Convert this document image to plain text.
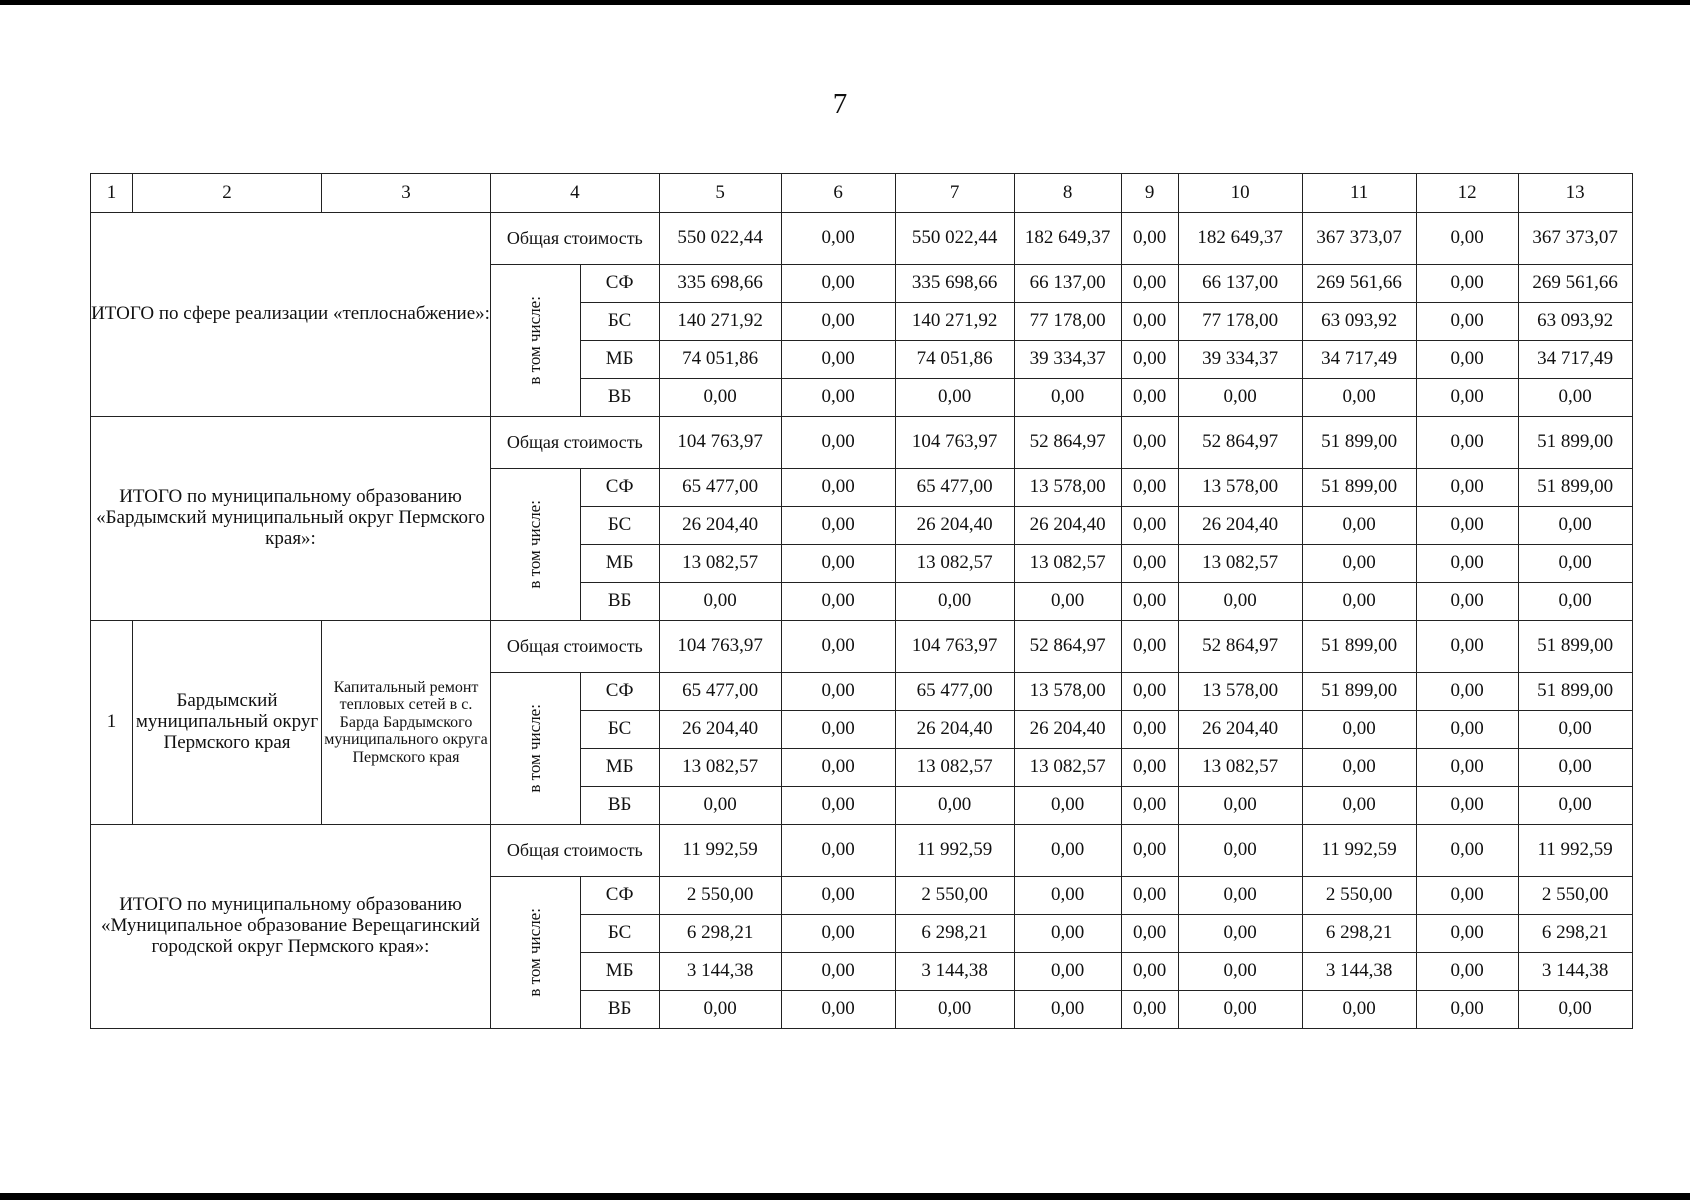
7
1	2	3	4		5	6	7	8	9	10	11	12	13
ИТОГО по сфере реализации «теплоснабжение»:			Общая стоимость		550 022,44	0,00	550 022,44	182 649,37	0,00	182 649,37	367 373,07	0,00	367 373,07
			в том числе:	СФ	335 698,66	0,00	335 698,66	66 137,00	0,00	66 137,00	269 561,66	0,00	269 561,66
				БС	140 271,92	0,00	140 271,92	77 178,00	0,00	77 178,00	63 093,92	0,00	63 093,92
				МБ	74 051,86	0,00	74 051,86	39 334,37	0,00	39 334,37	34 717,49	0,00	34 717,49
				ВБ	0,00	0,00	0,00	0,00	0,00	0,00	0,00	0,00	0,00
ИТОГО по муниципальному образованию «Бардымский муниципальный округ Пермского края»:			Общая стоимость		104 763,97	0,00	104 763,97	52 864,97	0,00	52 864,97	51 899,00	0,00	51 899,00
			в том числе:	СФ	65 477,00	0,00	65 477,00	13 578,00	0,00	13 578,00	51 899,00	0,00	51 899,00
				БС	26 204,40	0,00	26 204,40	26 204,40	0,00	26 204,40	0,00	0,00	0,00
				МБ	13 082,57	0,00	13 082,57	13 082,57	0,00	13 082,57	0,00	0,00	0,00
				ВБ	0,00	0,00	0,00	0,00	0,00	0,00	0,00	0,00	0,00
1	Бардымский муниципальный округ Пермского края	Капитальный ремонт тепловых сетей в с. Барда Бардымского муниципального округа Пермского края	Общая стоимость		104 763,97	0,00	104 763,97	52 864,97	0,00	52 864,97	51 899,00	0,00	51 899,00
			в том числе:	СФ	65 477,00	0,00	65 477,00	13 578,00	0,00	13 578,00	51 899,00	0,00	51 899,00
				БС	26 204,40	0,00	26 204,40	26 204,40	0,00	26 204,40	0,00	0,00	0,00
				МБ	13 082,57	0,00	13 082,57	13 082,57	0,00	13 082,57	0,00	0,00	0,00
				ВБ	0,00	0,00	0,00	0,00	0,00	0,00	0,00	0,00	0,00
ИТОГО по муниципальному образованию «Муниципальное образование Верещагинский городской округ Пермского края»:			Общая стоимость		11 992,59	0,00	11 992,59	0,00	0,00	0,00	11 992,59	0,00	11 992,59
			в том числе:	СФ	2 550,00	0,00	2 550,00	0,00	0,00	0,00	2 550,00	0,00	2 550,00
				БС	6 298,21	0,00	6 298,21	0,00	0,00	0,00	6 298,21	0,00	6 298,21
				МБ	3 144,38	0,00	3 144,38	0,00	0,00	0,00	3 144,38	0,00	3 144,38
				ВБ	0,00	0,00	0,00	0,00	0,00	0,00	0,00	0,00	0,00
